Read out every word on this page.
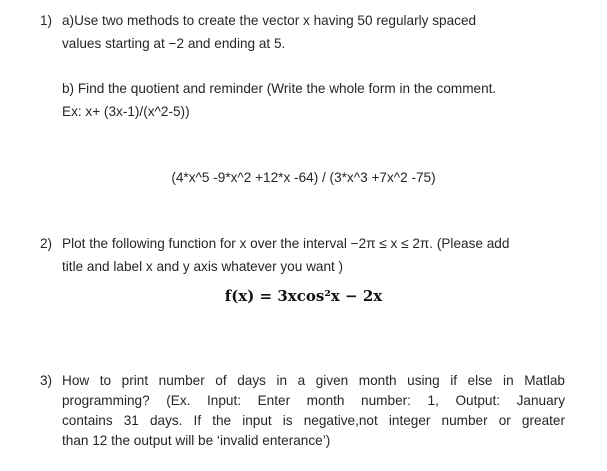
1) a)Use two methods to create the vector x having 50 regularly spaced
values starting at −2 and ending at 5.
b) Find the quotient and reminder (Write the whole form in the comment.
Ex: x+ (3x-1)/(x^2-5))
(4*x^5 -9*x^2 +12*x -64) / (3*x^3 +7x^2 -75)
2) Plot the following function for x over the interval −2π ≤ x ≤ 2π. (Please add
title and label x and y axis whatever you want )
f(x) = 3xcos²x − 2x
3) How to print number of days in a given month using if else in Matlab
programming? (Ex. Input: Enter month number: 1, Output: January
contains 31 days. If the input is negative,not integer number or greater
than 12 the output will be ‘invalid enterance’)
